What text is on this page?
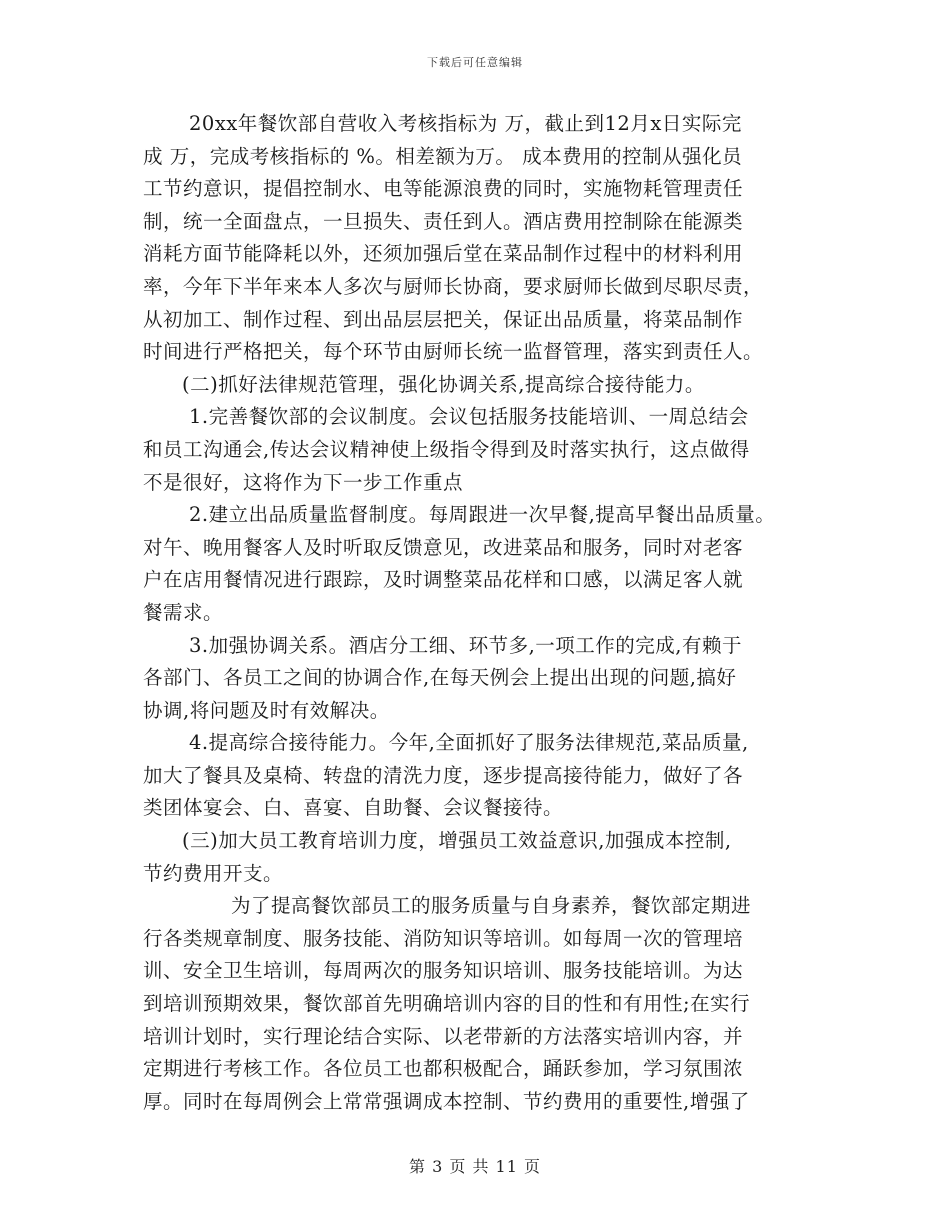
下载后可任意编辑
20xx年餐饮部自营收入考核指标为 万，截止到12月x日实际完
成 万，完成考核指标的 %。相差额为万。 成本费用的控制从强化员
工节约意识，提倡控制水、电等能源浪费的同时，实施物耗管理责任
制，统一全面盘点，一旦损失、责任到人。酒店费用控制除在能源类
消耗方面节能降耗以外，还须加强后堂在菜品制作过程中的材料利用
率，今年下半年来本人多次与厨师长协商，要求厨师长做到尽职尽责，
从初加工、制作过程、到出品层层把关，保证出品质量，将菜品制作
时间进行严格把关，每个环节由厨师长统一监督管理，落实到责任人。
(二)抓好法律规范管理，强化协调关系,提高综合接待能力。
1.完善餐饮部的会议制度。会议包括服务技能培训、一周总结会
和员工沟通会,传达会议精神使上级指令得到及时落实执行，这点做得
不是很好，这将作为下一步工作重点
2.建立出品质量监督制度。每周跟进一次早餐,提高早餐出品质量。
对午、晚用餐客人及时听取反馈意见，改进菜品和服务，同时对老客
户在店用餐情况进行跟踪，及时调整菜品花样和口感，以满足客人就
餐需求。
3.加强协调关系。酒店分工细、环节多,一项工作的完成,有赖于
各部门、各员工之间的协调合作,在每天例会上提出出现的问题,搞好
协调,将问题及时有效解决。
4.提高综合接待能力。今年,全面抓好了服务法律规范,菜品质量,
加大了餐具及桌椅、转盘的清洗力度，逐步提高接待能力，做好了各
类团体宴会、白、喜宴、自助餐、会议餐接待。
(三)加大员工教育培训力度，增强员工效益意识,加强成本控制,
节约费用开支。
为了提高餐饮部员工的服务质量与自身素养，餐饮部定期进
行各类规章制度、服务技能、消防知识等培训。如每周一次的管理培
训、安全卫生培训，每周两次的服务知识培训、服务技能培训。为达
到培训预期效果，餐饮部首先明确培训内容的目的性和有用性;在实行
培训计划时，实行理论结合实际、以老带新的方法落实培训内容，并
定期进行考核工作。各位员工也都积极配合，踊跃参加，学习氛围浓
厚。同时在每周例会上常常强调成本控制、节约费用的重要性,增强了
第 3 页 共 11 页
